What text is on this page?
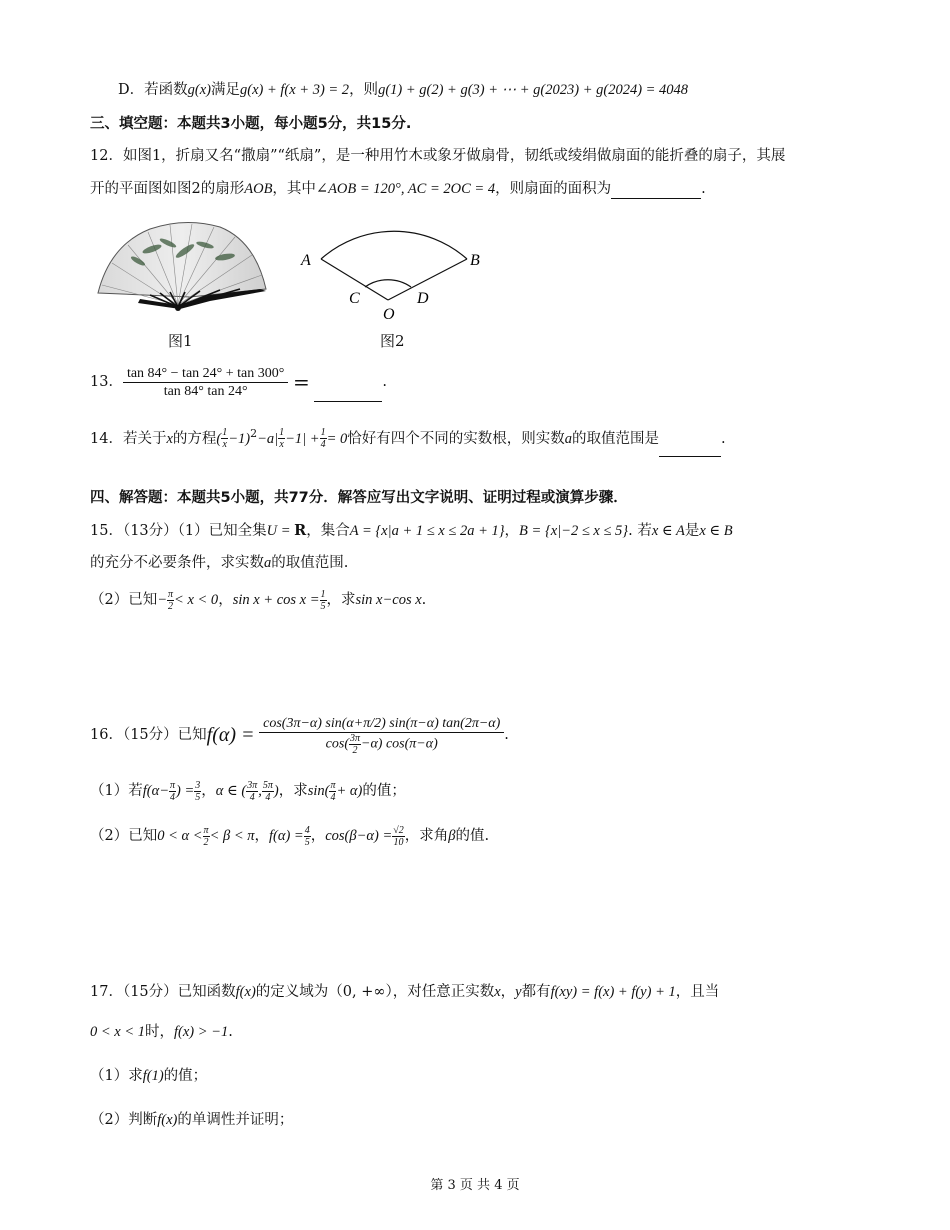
D．若函数g(x)满足g(x) + f(x + 3) = 2，则g(1) + g(2) + g(3) + ⋯ + g(2023) + g(2024) = 4048
三、填空题：本题共3小题，每小题5分，共15分.
12．如图1，折扇又名“撒扇”“纸扇”，是一种用竹木或象牙做扇骨，韧纸或绫绢做扇面的能折叠的扇子，其展
开的平面图如图2的扇形AOB，其中∠AOB = 120°, AC = 2OC = 4，则扇面的面积为	.
图1
A	B
C	D
O
图2
13． $\frac{\tan 84^\circ - \tan 24^\circ + \tan 300^\circ}{\tan 84^\circ \tan 24^\circ}$ =	.
14．若关于x的方程( $\frac{1}{x} -1)^2-a| \frac{1}{x} -1| + \frac{1}{4} = 0$恰好有四个不同的实数根，则实数a的取值范围是	.
四、解答题：本题共5小题，共77分．解答应写出文字说明、证明过程或演算步骤．
15．（13分）（1）已知全集U = R，集合A = {x|a + 1 ≤ x ≤ 2a + 1}，B = {x|−2 ≤ x ≤ 5}. 若x ∈ A是x ∈ B
的充分不必要条件，求实数a的取值范围.
（2）已知− $\frac{\pi}{2} < x < 0$，$\sin x + \cos x = \frac{1}{5}$ ，求sin x−cos x.
16．（15分）已知$f(\alpha) = \frac{\cos(3\pi-\alpha) \sin(\alpha+\pi/2) \sin(\pi-\alpha) \tan(2\pi-\alpha)}{\cos( \frac{3\pi}{2} -\alpha) \cos(\pi-\alpha)}$ .
（1）若$f(\alpha- \frac{\pi}{4}$ ) = $\frac{3}{5}$ ，α ∈ ( $\frac{3\pi}{4}$ , $\frac{5\pi}{4}$ )，求$\sin( \frac{\pi}{4} + \alpha)$的值；
（2）已知$0 < \alpha < \frac{\pi}{2} < \beta < \pi$，$f(\alpha) = \frac{4}{5}$ ，$\cos(\beta-\alpha) = \frac{√2}{10}$ ，求角β的值.
17．（15分）已知函数f(x)的定义域为（0, +∞），对任意正实数x，y都有f(xy) = f(x) + f(y) + 1，且当
0 < x < 1时，f(x) > −1.
（1）求f(1)的值；
（2）判断f(x)的单调性并证明；
第 3 页 共 4 页
